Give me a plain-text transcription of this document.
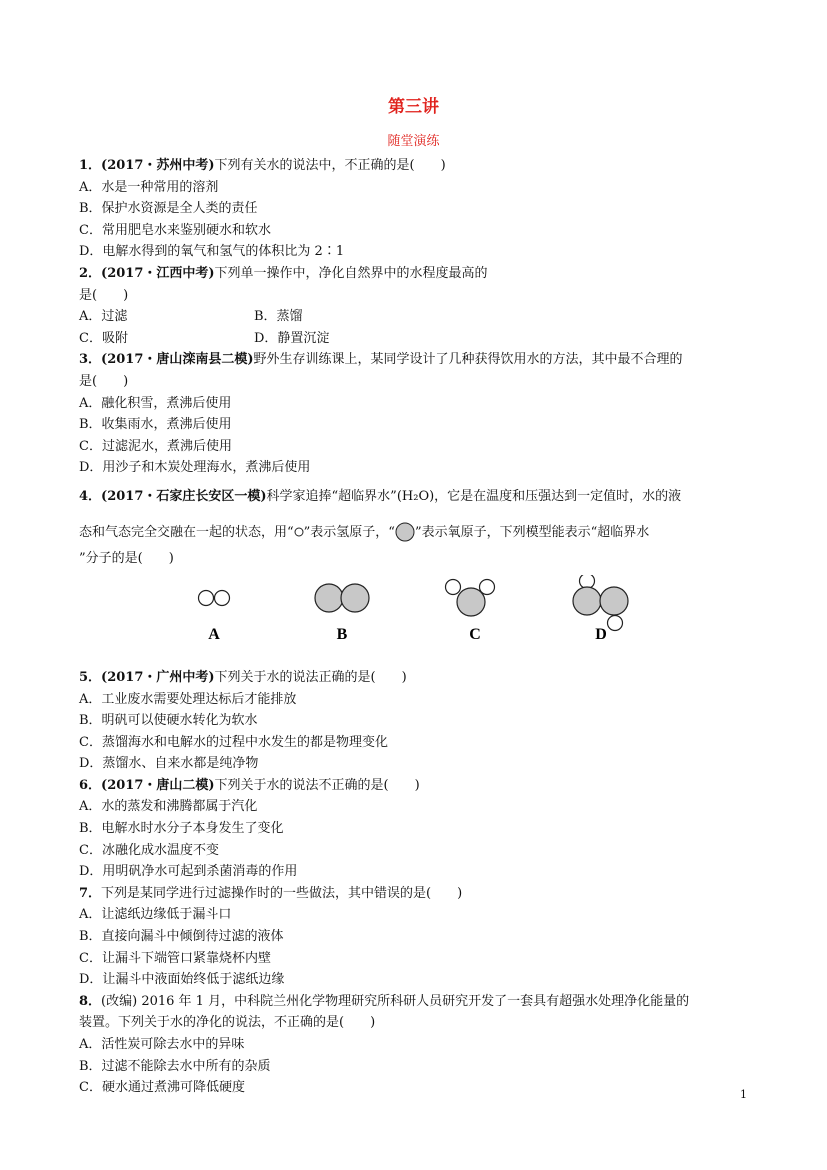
第三讲
随堂演练
1．(2017・苏州中考)下列有关水的说法中，不正确的是(　　)
A．水是一种常用的溶剂
B．保护水资源是全人类的责任
C．常用肥皂水来鉴别硬水和软水
D．电解水得到的氧气和氢气的体积比为 2∶1
2．(2017・江西中考)下列单一操作中，净化自然界中的水程度最高的
是(　　)
A．过滤	B．蒸馏
C．吸附	D．静置沉淀
3．(2017・唐山滦南县二模)野外生存训练课上，某同学设计了几种获得饮用水的方法，其中最不合理的
是(　　)
A．融化积雪，煮沸后使用
B．收集雨水，煮沸后使用
C．过滤泥水，煮沸后使用
D．用沙子和木炭处理海水，煮沸后使用
4．(2017・石家庄长安区一模)科学家追捧“超临界水”(H₂O)，它是在温度和压强达到一定值时，水的液
态和气态完全交融在一起的状态，用“ ”表示氢原子，“ ”表示氧原子，下列模型能表示“超临界水
”分子的是(　　)
A	B	C	D
5．(2017・广州中考)下列关于水的说法正确的是(　　)
A．工业废水需要处理达标后才能排放
B．明矾可以使硬水转化为软水
C．蒸馏海水和电解水的过程中水发生的都是物理变化
D．蒸馏水、自来水都是纯净物
6．(2017・唐山二模)下列关于水的说法不正确的是(　　)
A．水的蒸发和沸腾都属于汽化
B．电解水时水分子本身发生了变化
C．冰融化成水温度不变
D．用明矾净水可起到杀菌消毒的作用
7．下列是某同学进行过滤操作时的一些做法，其中错误的是(　　)
A．让滤纸边缘低于漏斗口
B．直接向漏斗中倾倒待过滤的液体
C．让漏斗下端管口紧靠烧杯内壁
D．让漏斗中液面始终低于滤纸边缘
8．(改编) 2016 年 1 月，中科院兰州化学物理研究所科研人员研究开发了一套具有超强水处理净化能量的
装置。下列关于水的净化的说法，不正确的是(　　)
A．活性炭可除去水中的异味
B．过滤不能除去水中所有的杂质
C．硬水通过煮沸可降低硬度	1
